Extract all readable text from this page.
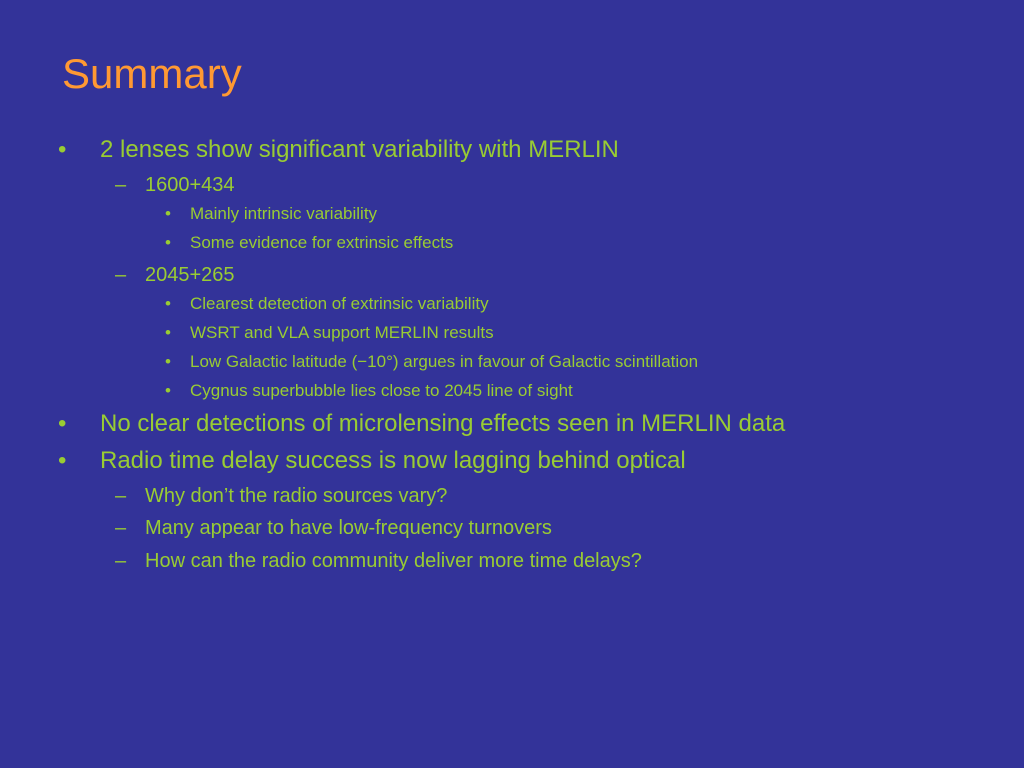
Summary
• 2 lenses show significant variability with MERLIN
– 1600+434
• Mainly intrinsic variability
• Some evidence for extrinsic effects
– 2045+265
• Clearest detection of extrinsic variability
• WSRT and VLA support MERLIN results
• Low Galactic latitude (−10°) argues in favour of Galactic scintillation
• Cygnus superbubble lies close to 2045 line of sight
• No clear detections of microlensing effects seen in MERLIN data
• Radio time delay success is now lagging behind optical
– Why don’t the radio sources vary?
– Many appear to have low-frequency turnovers
– How can the radio community deliver more time delays?
